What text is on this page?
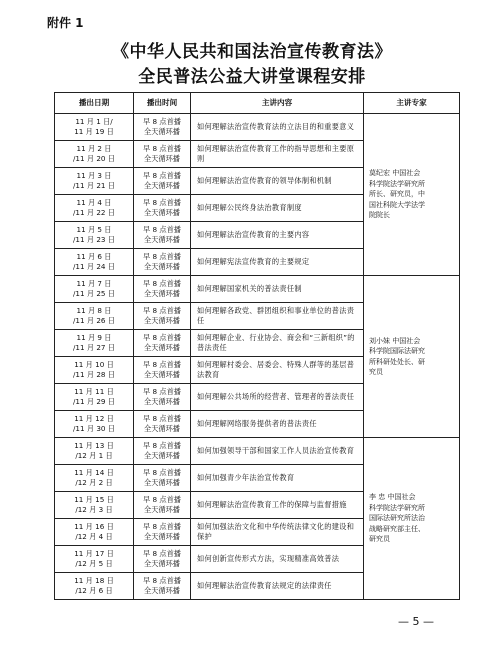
附件 1
《中华人民共和国法治宣传教育法》
全民普法公益大讲堂课程安排
播出日期	播出时间	主讲内容	主讲专家

11 月 1 日/
11 月 19 日	早 8 点首播
全天循环播	如何理解法治宣传教育法的立法目的和重要意义	莫纪宏 中国社会
科学院法学研究所
所长、研究员，中
国社科院大学法学
院院长

11 月 2 日
/11 月 20 日	早 8 点首播
全天循环播	如何理解法治宣传教育工作的指导思想和主要原则	

11 月 3 日
/11 月 21 日	早 8 点首播
全天循环播	如何理解法治宣传教育的领导体制和机制	

11 月 4 日
/11 月 22 日	早 8 点首播
全天循环播	如何理解公民终身法治教育制度	

11 月 5 日
/11 月 23 日	早 8 点首播
全天循环播	如何理解法治宣传教育的主要内容	

11 月 6 日
/11 月 24 日	早 8 点首播
全天循环播	如何理解宪法宣传教育的主要规定	

11 月 7 日
/11 月 25 日	早 8 点首播
全天循环播	如何理解国家机关的普法责任制	刘小妹 中国社会
科学院国际法研究
所科研处处长、研
究员

11 月 8 日
/11 月 26 日	早 8 点首播
全天循环播	如何理解各政党、群团组织和事业单位的普法责任	

11 月 9 日
/11 月 27 日	早 8 点首播
全天循环播	如何理解企业、行业协会、商会和“三新组织”的普法责任	

11 月 10 日
/11 月 28 日	早 8 点首播
全天循环播	如何理解村委会、居委会、特殊人群等的基层普法教育	

11 月 11 日
/11 月 29 日	早 8 点首播
全天循环播	如何理解公共场所的经营者、管理者的普法责任	

11 月 12 日
/11 月 30 日	早 8 点首播
全天循环播	如何理解网络服务提供者的普法责任	

11 月 13 日
/12 月 1 日	早 8 点首播
全天循环播	如何加强领导干部和国家工作人员法治宣传教育	李 忠 中国社会
科学院法学研究所
国际法研究所法治
战略研究部主任、
研究员

11 月 14 日
/12 月 2 日	早 8 点首播
全天循环播	如何加强青少年法治宣传教育	

11 月 15 日
/12 月 3 日	早 8 点首播
全天循环播	如何理解法治宣传教育工作的保障与监督措施	

11 月 16 日
/12 月 4 日	早 8 点首播
全天循环播	如何加强法治文化和中华传统法律文化的建设和保护	

11 月 17 日
/12 月 5 日	早 8 点首播
全天循环播	如何创新宣传形式方法，实现精准高效普法	

11 月 18 日
/12 月 6 日	早 8 点首播
全天循环播	如何理解法治宣传教育法规定的法律责任	
— 5 —
